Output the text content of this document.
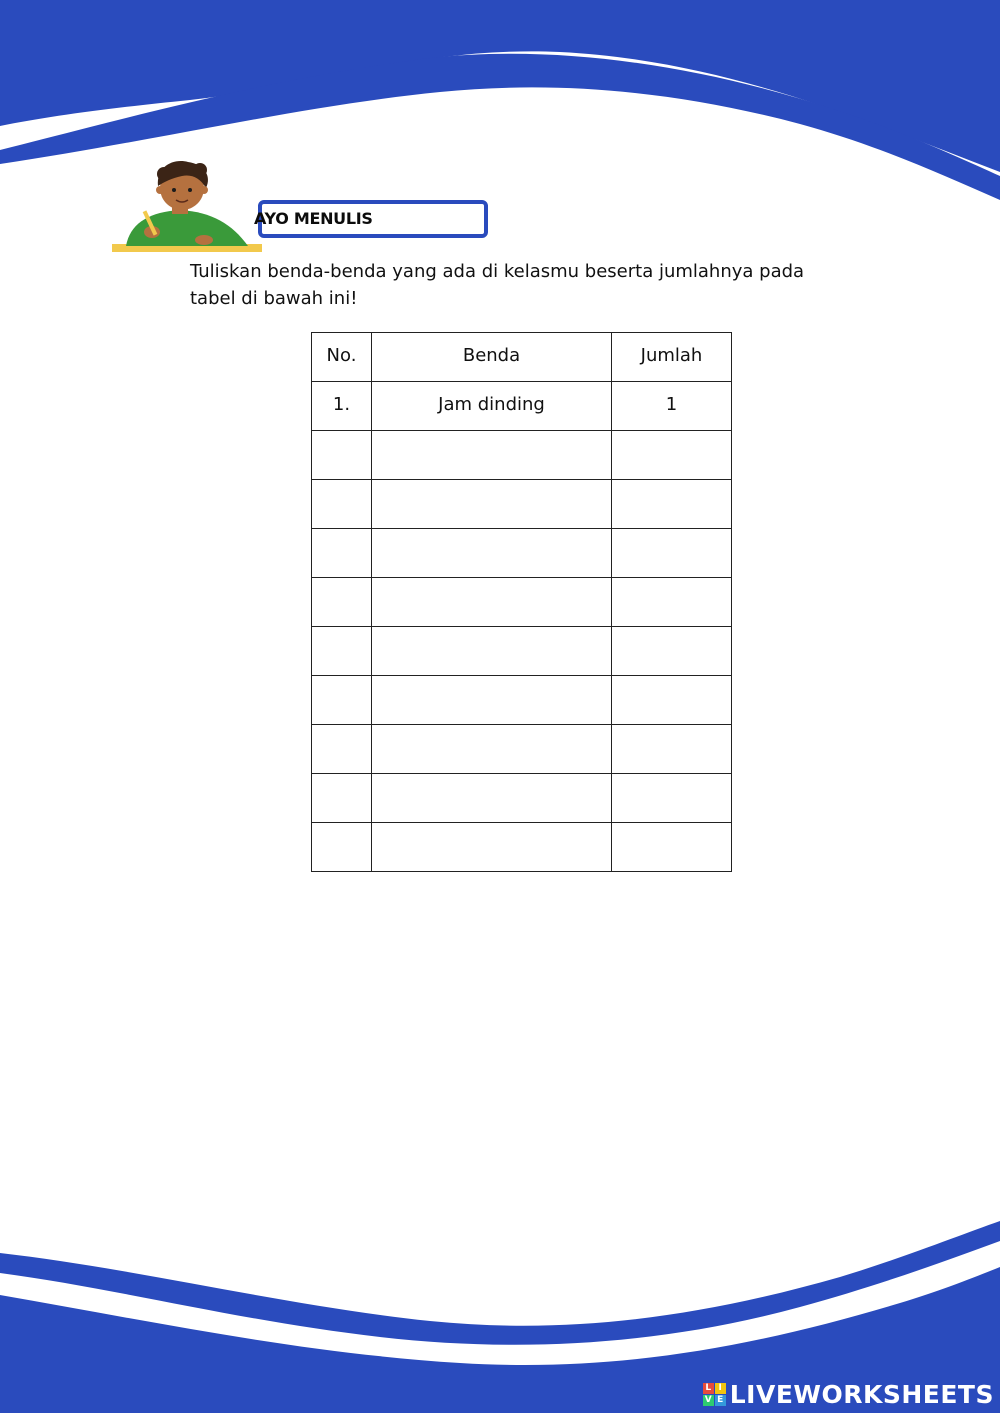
AYO MENULIS

Tuliskan benda-benda yang ada di kelasmu beserta jumlahnya pada tabel di bawah ini!

No.	Benda	Jumlah

1.	Jam dinding	1

L I
V E LIVEWORKSHEETS
